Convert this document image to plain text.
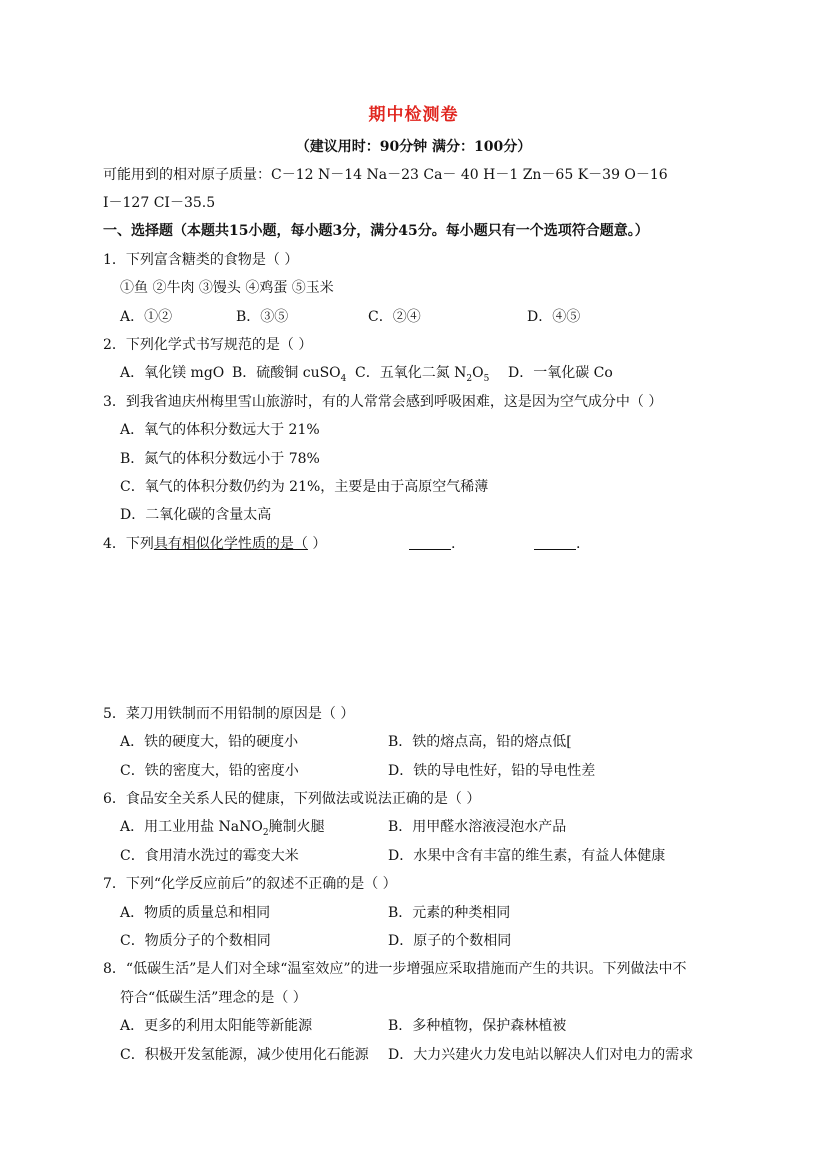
期中检测卷
（建议用时：90分钟 满分：100分）
可能用到的相对原子质量：C－12 N－14 Na－23 Ca－ 40 H－1 Zn－65 K－39 O－16
I－127 CI－35.5
一、选择题（本题共15小题，每小题3分，满分45分。每小题只有一个选项符合题意。）
1．下列富含糖类的食物是（ ）
①鱼 ②牛肉 ③馒头 ④鸡蛋 ⑤玉米
A．①②	B．③⑤	C．②④	D．④⑤
2．下列化学式书写规范的是（ ）
A．氧化镁 mgO B．硫酸铜 cuSO$_4$ C．五氧化二氮 $N_2O_5$ D．一氧化碳 Co
3．到我省迪庆州梅里雪山旅游时，有的人常常会感到呼吸困难，这是因为空气成分中（ ）
A．氧气的体积分数远大于 21%
B．氮气的体积分数远小于 78%
C．氧气的体积分数仍约为 21%，主要是由于高原空气稀薄
D．二氧化碳的含量太高
4．下列具有相似化学性质的是（ ）	.	.
5．菜刀用铁制而不用铅制的原因是（ ）
A．铁的硬度大，铅的硬度小	B．铁的熔点高，铅的熔点低[
C．铁的密度大，铅的密度小	D．铁的导电性好，铅的导电性差
6．食品安全关系人民的健康，下列做法或说法正确的是（ ）
A．用工业用盐 NaNO$_2$腌制火腿	B．用甲醛水溶液浸泡水产品
C．食用清水洗过的霉变大米	D．水果中含有丰富的维生素，有益人体健康
7．下列“化学反应前后”的叙述不正确的是（ ）
A．物质的质量总和相同	B．元素的种类相同
C．物质分子的个数相同	D．原子的个数相同
8．“低碳生活”是人们对全球“温室效应”的进一步增强应采取措施而产生的共识。下列做法中不
符合“低碳生活”理念的是（ ）
A．更多的利用太阳能等新能源	B．多种植物，保护森林植被
C．积极开发氢能源，减少使用化石能源 D．大力兴建火力发电站以解决人们对电力的需求
